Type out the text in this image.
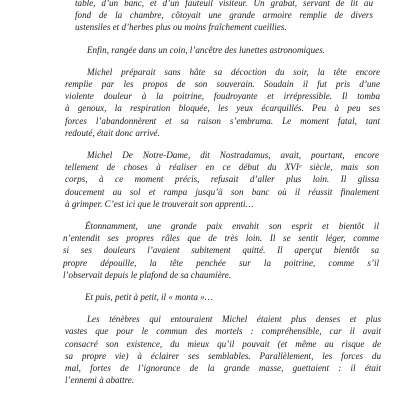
table, d’un banc, et d’un fauteuil visiteur. Un grabat, servant de lit au
fond de la chambre, côtoyait une grande armoire remplie de divers
ustensiles et d’herbes plus ou moins fraîchement cueillies.

Enfin, rangée dans un coin, l’ancêtre des lunettes astronomiques.

Michel préparait sans hâte sa décoction du soir, la tête encore
remplie par les propos de son souverain. Soudain il fut pris d’une
violente douleur à la poitrine, foudroyante et irrépressible. Il tomba
à genoux, la respiration bloquée, les yeux écarquillés. Peu à peu ses
forces l’abandonnèrent et sa raison s’embruma. Le moment fatal, tant
redouté, était donc arrivé.

Michel De Notre-Dame, dit Nostradamus, avait, pourtant, encore
tellement de choses à réaliser en ce début du XVIᵉ siècle, mais son
corps, à ce moment précis, refusait d’aller plus loin. Il glissa
doucement au sol et rampa jusqu’à son banc où il réussit finalement
à grimper. C’est ici que le trouverait son apprenti…

Étonnamment, une grande paix envahit son esprit et bientôt il
n’entendit ses propres râles que de très loin. Il se sentit léger, comme
si ses douleurs l’avaient subitement quitté. Il aperçut bientôt sa
propre dépouille, la tête penchée sur la poitrine, comme s’il
l’observait depuis le plafond de sa chaumière.

Et puis, petit à petit, il « monta »…

Les ténèbres qui entouraient Michel étaient plus denses et plus
vastes que pour le commun des mortels : compréhensible, car il avait
consacré son existence, du mieux qu’il pouvait (et même au risque de
sa propre vie) à éclairer ses semblables. Parallèlement, les forces du
mal, fortes de l’ignorance de la grande masse, guettaient : il était
l’ennemi à abattre.
